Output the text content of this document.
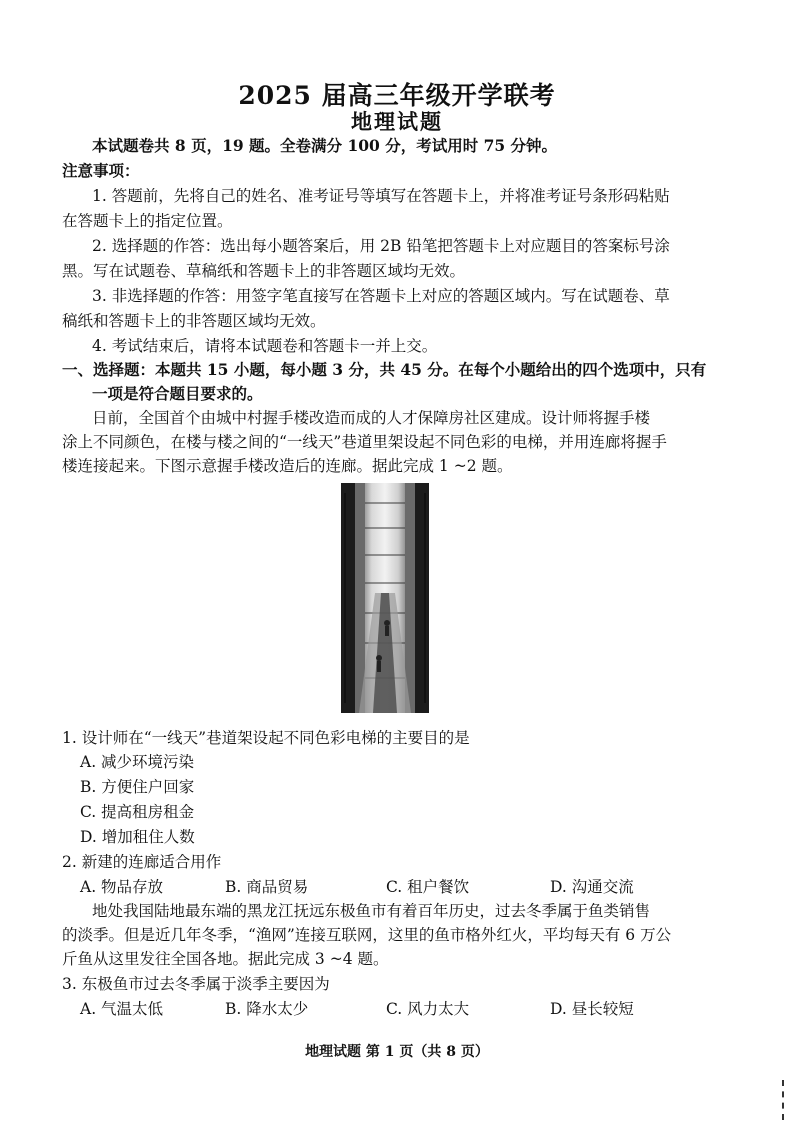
2025 届高三年级开学联考
地理试题
本试题卷共 8 页，19 题。全卷满分 100 分，考试用时 75 分钟。
注意事项：
1. 答题前，先将自己的姓名、准考证号等填写在答题卡上，并将准考证号条形码粘贴
在答题卡上的指定位置。
2. 选择题的作答：选出每小题答案后，用 2B 铅笔把答题卡上对应题目的答案标号涂
黑。写在试题卷、草稿纸和答题卡上的非答题区域均无效。
3. 非选择题的作答：用签字笔直接写在答题卡上对应的答题区域内。写在试题卷、草
稿纸和答题卡上的非答题区域均无效。
4. 考试结束后，请将本试题卷和答题卡一并上交。
一、选择题：本题共 15 小题，每小题 3 分，共 45 分。在每个小题给出的四个选项中，只有
一项是符合题目要求的。
日前，全国首个由城中村握手楼改造而成的人才保障房社区建成。设计师将握手楼
涂上不同颜色，在楼与楼之间的“一线天”巷道里架设起不同色彩的电梯，并用连廊将握手
楼连接起来。下图示意握手楼改造后的连廊。据此完成 1 ~2 题。
1. 设计师在“一线天”巷道架设起不同色彩电梯的主要目的是
A. 减少环境污染
B. 方便住户回家
C. 提高租房租金
D. 增加租住人数
2. 新建的连廊适合用作
A. 物品存放	B. 商品贸易	C. 租户餐饮	D. 沟通交流
地处我国陆地最东端的黑龙江抚远东极鱼市有着百年历史，过去冬季属于鱼类销售
的淡季。但是近几年冬季，“渔网”连接互联网，这里的鱼市格外红火，平均每天有 6 万公
斤鱼从这里发往全国各地。据此完成 3 ~4 题。
3. 东极鱼市过去冬季属于淡季主要因为
A. 气温太低	B. 降水太少	C. 风力太大	D. 昼长较短
地理试题 第 1 页（共 8 页）
